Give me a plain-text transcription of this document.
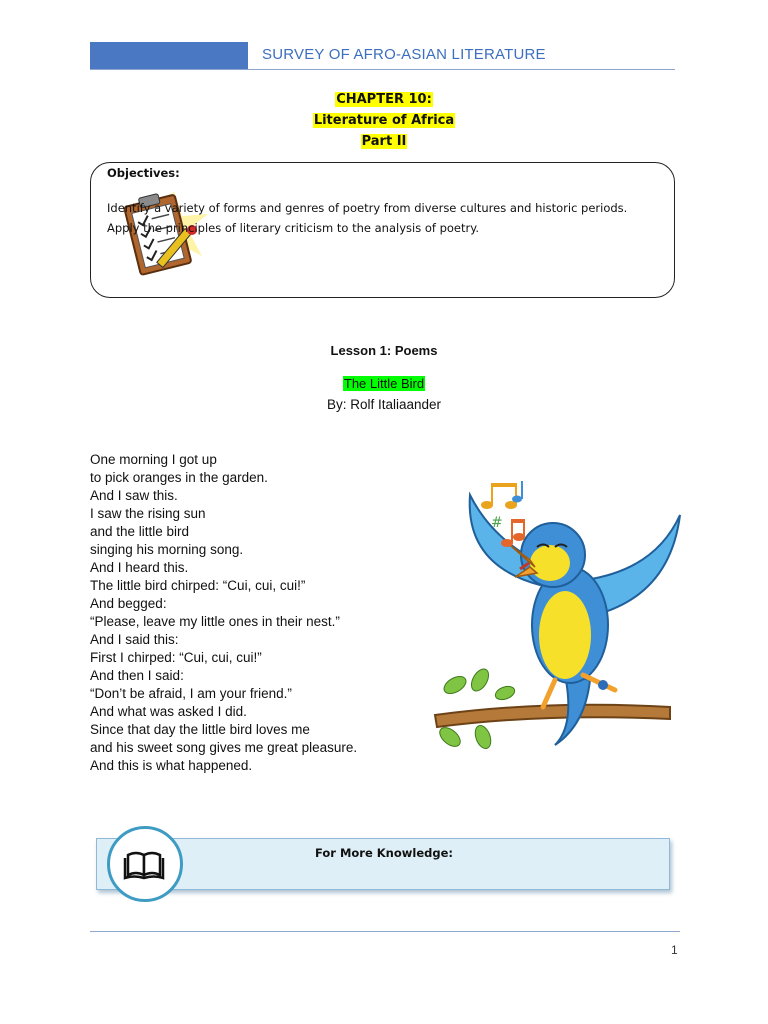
SURVEY OF AFRO-ASIAN LITERATURE
CHAPTER 10:
Literature of Africa
Part II
Objectives:
Identify a variety of forms and genres of poetry from diverse cultures and historic periods.
Apply the principles of literary criticism to the analysis of poetry.
Lesson 1: Poems
The Little Bird
By: Rolf Italiaander
One morning I got up
to pick oranges in the garden.
And I saw this.
I saw the rising sun
and the little bird
singing his morning song.
And I heard this.
The little bird chirped: “Cui, cui, cui!”
And begged:
“Please, leave my little ones in their nest.”
And I said this:
First I chirped: “Cui, cui, cui!”
And then I said:
“Don’t be afraid, I am your friend.”
And what was asked I did.
Since that day the little bird loves me
and his sweet song gives me great pleasure.
And this is what happened.
#
For More Knowledge:
1
